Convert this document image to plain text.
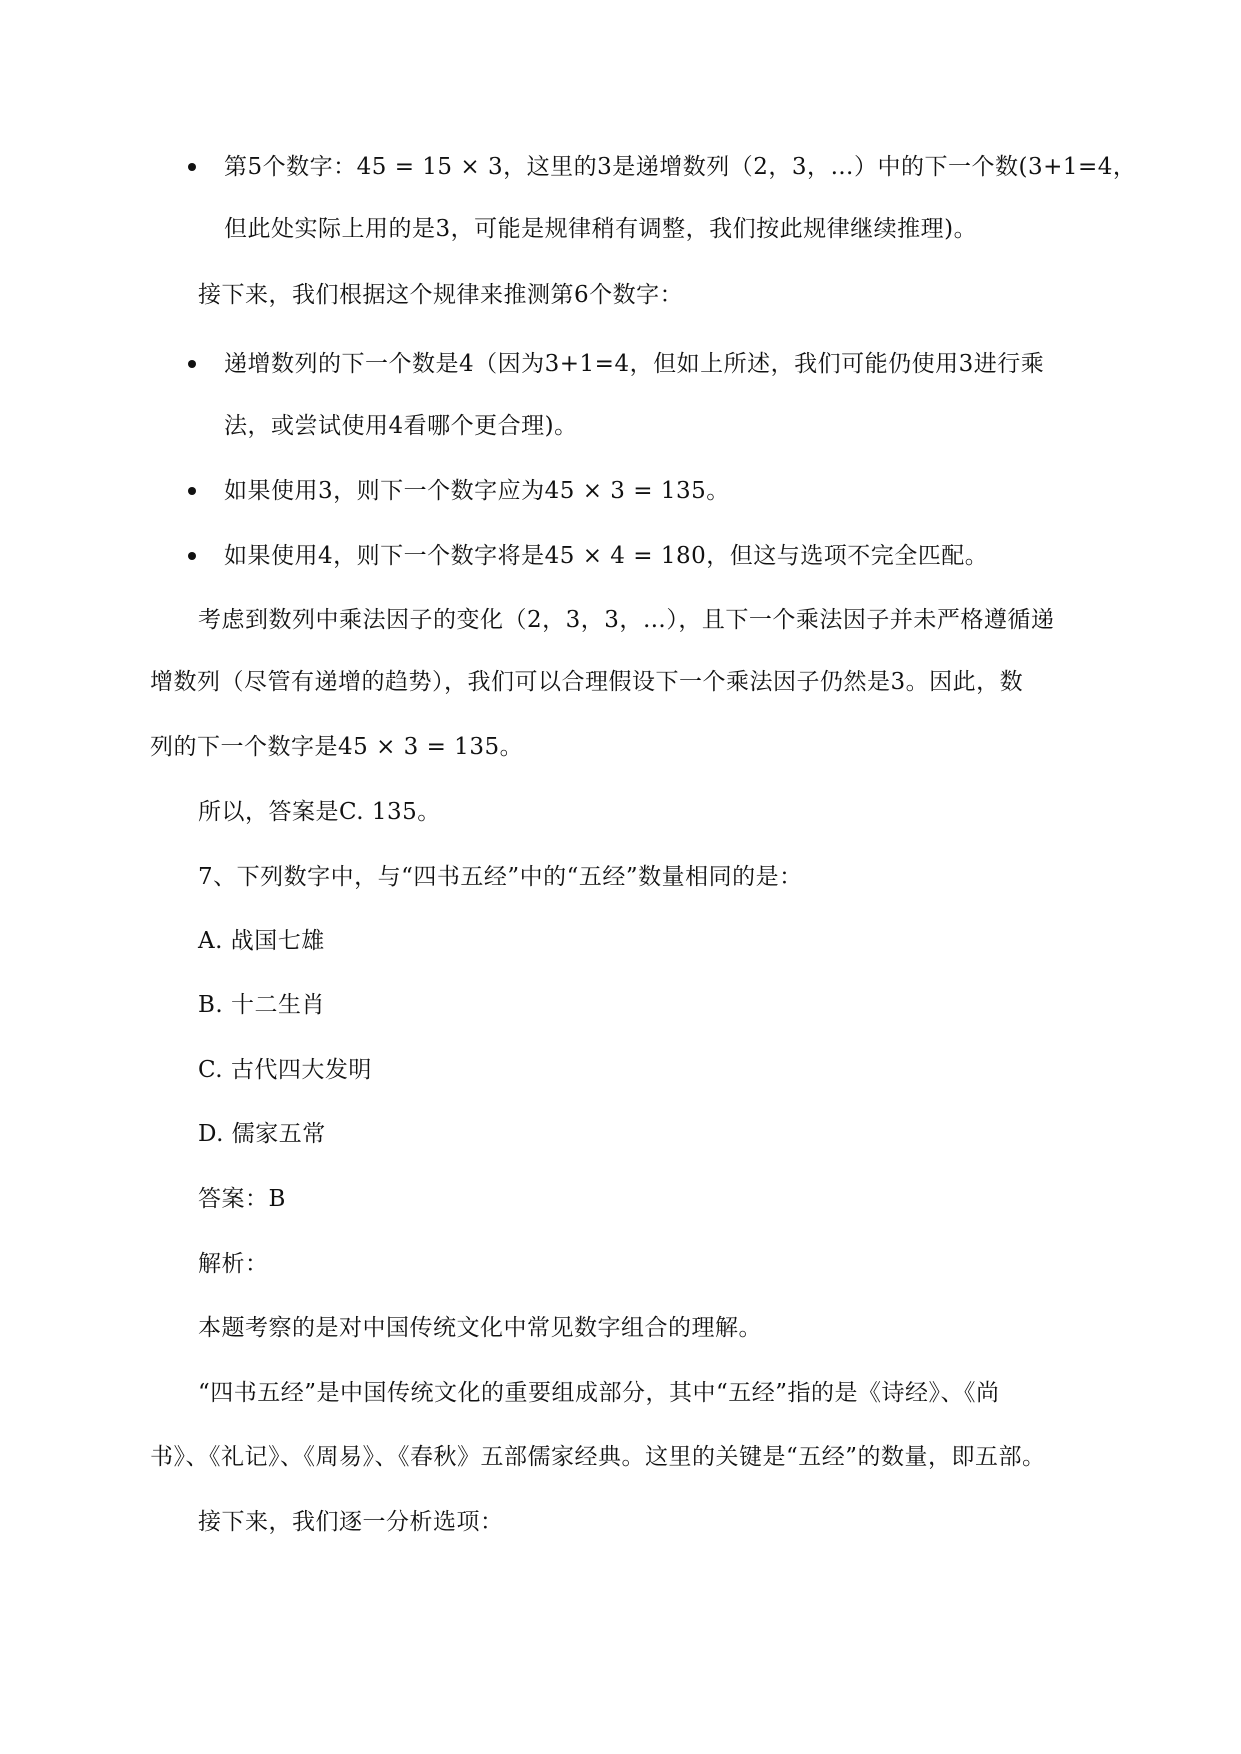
第5个数字：45 = 15 × 3，这里的3是递增数列（2，3，…）中的下一个数(3+1=4，
但此处实际上用的是3，可能是规律稍有调整，我们按此规律继续推理)。
接下来，我们根据这个规律来推测第6个数字：
递增数列的下一个数是4（因为3+1=4，但如上所述，我们可能仍使用3进行乘
法，或尝试使用4看哪个更合理)。
如果使用3，则下一个数字应为45 × 3 = 135。
如果使用4，则下一个数字将是45 × 4 = 180，但这与选项不完全匹配。
考虑到数列中乘法因子的变化（2，3，3，…），且下一个乘法因子并未严格遵循递
增数列（尽管有递增的趋势），我们可以合理假设下一个乘法因子仍然是3。因此，数
列的下一个数字是45 × 3 = 135。
所以，答案是C. 135。
7、下列数字中，与“四书五经”中的“五经”数量相同的是：
A. 战国七雄
B. 十二生肖
C. 古代四大发明
D. 儒家五常
答案：B
解析：
本题考察的是对中国传统文化中常见数字组合的理解。
“四书五经”是中国传统文化的重要组成部分，其中“五经”指的是《诗经》、《尚
书》、《礼记》、《周易》、《春秋》五部儒家经典。这里的关键是“五经”的数量，即五部。
接下来，我们逐一分析选项：
